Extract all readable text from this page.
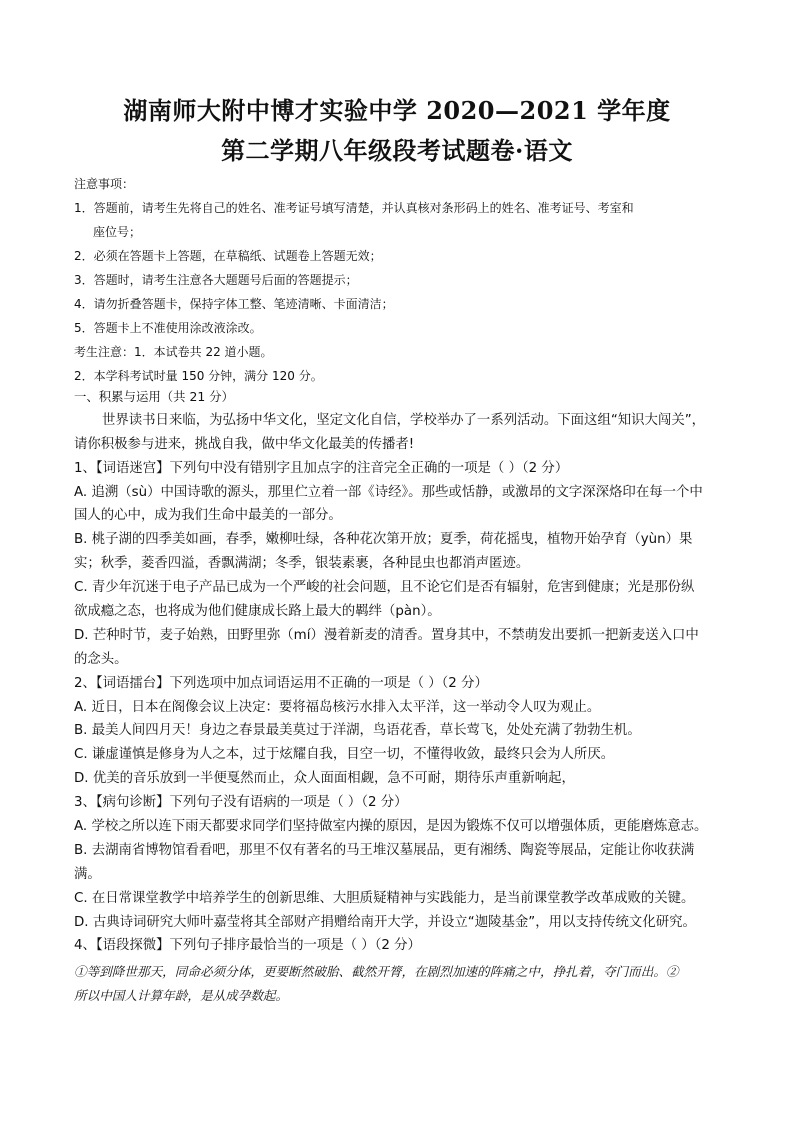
湖南师大附中博才实验中学 2020—2021 学年度
第二学期八年级段考试题卷·语文
注意事项：
1．答题前，请考生先将自己的姓名、准考证号填写清楚，并认真核对条形码上的姓名、准考证号、考室和
座位号；
2．必须在答题卡上答题，在草稿纸、试题卷上答题无效；
3．答题时，请考生注意各大题题号后面的答题提示；
4．请勿折叠答题卡，保持字体工整、笔迹清晰、卡面清洁；
5．答题卡上不准使用涂改液涂改。
考生注意：1．本试卷共 22 道小题。
2．本学科考试时量 150 分钟，满分 120 分。
一、积累与运用（共 21 分）
世界读书日来临，为弘扬中华文化，坚定文化自信，学校举办了一系列活动。下面这组“知识大闯关”，
请你积极参与进来，挑战自我，做中华文化最美的传播者!
1、【词语迷宫】下列句中没有错别字且加点字的注音完全正确的一项是（ ）（2 分）
A. 追溯（sù）中国诗歌的源头，那里伫立着一部《诗经》。那些或恬静，或激昂的文字深深烙印在每一个中
国人的心中，成为我们生命中最美的一部分。
B. 桃子湖的四季美如画，春季，嫩柳吐绿，各种花次第开放；夏季，荷花摇曳，植物开始孕育（yùn）果
实；秋季，菱香四溢，香飘满湖；冬季，银装素裹，各种昆虫也都消声匿迹。
C. 青少年沉迷于电子产品已成为一个严峻的社会问题，且不论它们是否有辐射，危害到健康；光是那份纵
欲成瘾之态，也将成为他们健康成长路上最大的羁绊（pàn）。
D. 芒种时节，麦子始熟，田野里弥（mí）漫着新麦的清香。置身其中，不禁萌发出要抓一把新麦送入口中
的念头。
2、【词语擂台】下列选项中加点词语运用不正确的一项是（ ）（2 分）
A. 近日，日本在阁像会议上决定：要将福岛核污水排入太平洋，这一举动令人叹为观止。
B. 最美人间四月天！身边之春景最美莫过于洋湖，鸟语花香，草长莺飞，处处充满了勃勃生机。
C. 谦虚谨慎是修身为人之本，过于炫耀自我，目空一切，不懂得收敛，最终只会为人所厌。
D. 优美的音乐放到一半便戛然而止，众人面面相觑，急不可耐，期待乐声重新响起，
3、【病句诊断】下列句子没有语病的一项是（ ）（2 分）
A. 学校之所以连下雨天都要求同学们坚持做室内操的原因，是因为锻炼不仅可以增强体质，更能磨炼意志。
B. 去湖南省博物馆看看吧，那里不仅有著名的马王堆汉墓展品，更有湘绣、陶瓷等展品，定能让你收获满
满。
C. 在日常课堂教学中培养学生的创新思维、大胆质疑精神与实践能力，是当前课堂教学改革成败的关键。
D. 古典诗词研究大师叶嘉莹将其全部财产捐赠给南开大学，并设立“迦陵基金”，用以支持传统文化研究。
4、【语段探微】下列句子排序最恰当的一项是（ ）（2 分）
①等到降世那天，同命必须分体，更要断然破胎、截然开膂，在剧烈加速的阵痛之中，挣扎着，夺门而出。②
所以中国人计算年龄，是从成孕数起。
